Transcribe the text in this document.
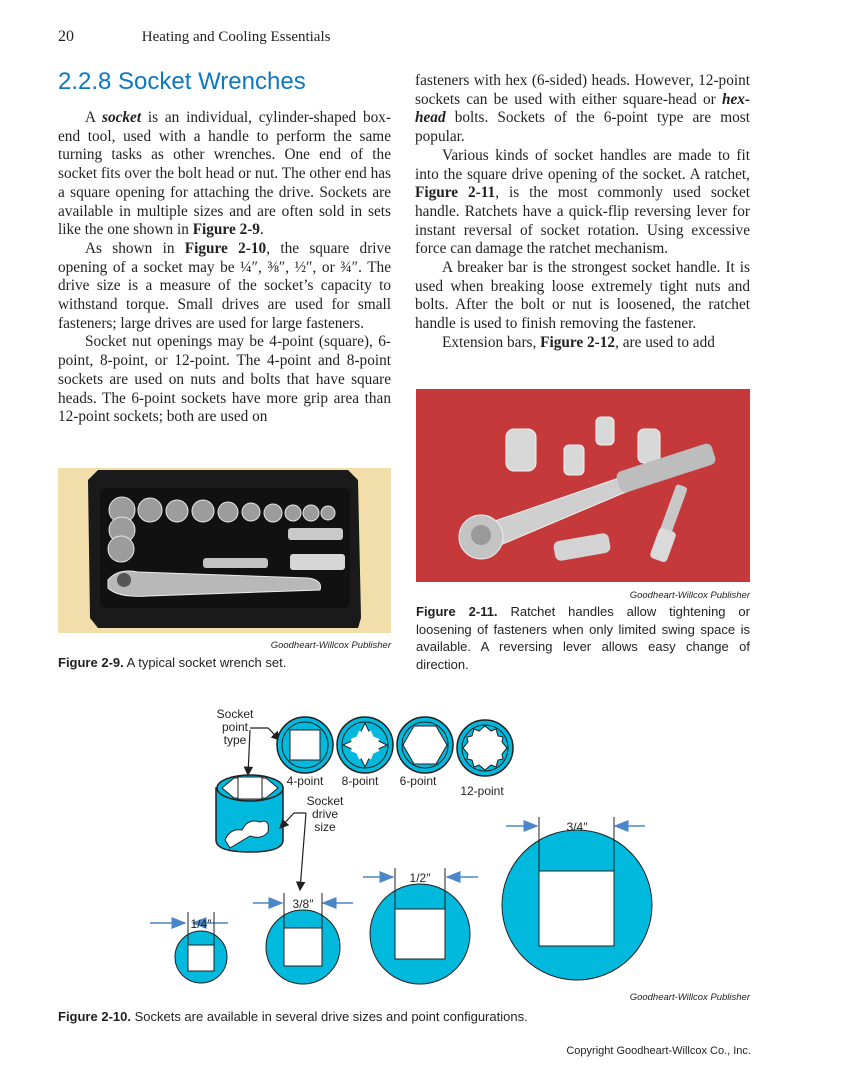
20	Heating and Cooling Essentials
2.2.8 Socket Wrenches

A socket is an individual, cylinder-shaped box-end tool, used with a handle to perform the same turning tasks as other wrenches. One end of the socket fits over the bolt head or nut. The other end has a square opening for attaching the drive. Sockets are available in multiple sizes and are often sold in sets like the one shown in Figure 2-9.

As shown in Figure 2-10, the square drive opening of a socket may be ¼″, ⅜″, ½″, or ¾″. The drive size is a measure of the socket’s capacity to withstand torque. Small drives are used for small fasteners; large drives are used for large fasteners.

Socket nut openings may be 4-point (square), 6-point, 8-point, or 12-point. The 4-point and 8-point sockets are used on nuts and bolts that have square heads. The 6-point sockets have more grip area than 12-point sockets; both are used on

fasteners with hex (6-sided) heads. However, 12-point sockets can be used with either square-head or hex-head bolts. Sockets of the 6-point type are most popular.

Various kinds of socket handles are made to fit into the square drive opening of the socket. A ratchet, Figure 2-11, is the most commonly used socket handle. Ratchets have a quick-flip reversing lever for instant reversal of socket rotation. Using excessive force can damage the ratchet mechanism.

A breaker bar is the strongest socket handle. It is used when breaking loose extremely tight nuts and bolts. After the bolt or nut is loosened, the ratchet handle is used to finish removing the fastener.

Extension bars, Figure 2-12, are used to add

Goodheart-Willcox Publisher
Figure 2-9. A typical socket wrench set.
Goodheart-Willcox Publisher
Figure 2-11. Ratchet handles allow tightening or loosening of fasteners when only limited swing space is available. A reversing lever allows easy change of direction.
Socket
point
type
4-point 8-point 6-point
12-point
Socket
drive
size
1/4″
3/8″
1/2″
3/4″
Goodheart-Willcox Publisher
Figure 2-10. Sockets are available in several drive sizes and point configurations.
Copyright Goodheart-Willcox Co., Inc.
